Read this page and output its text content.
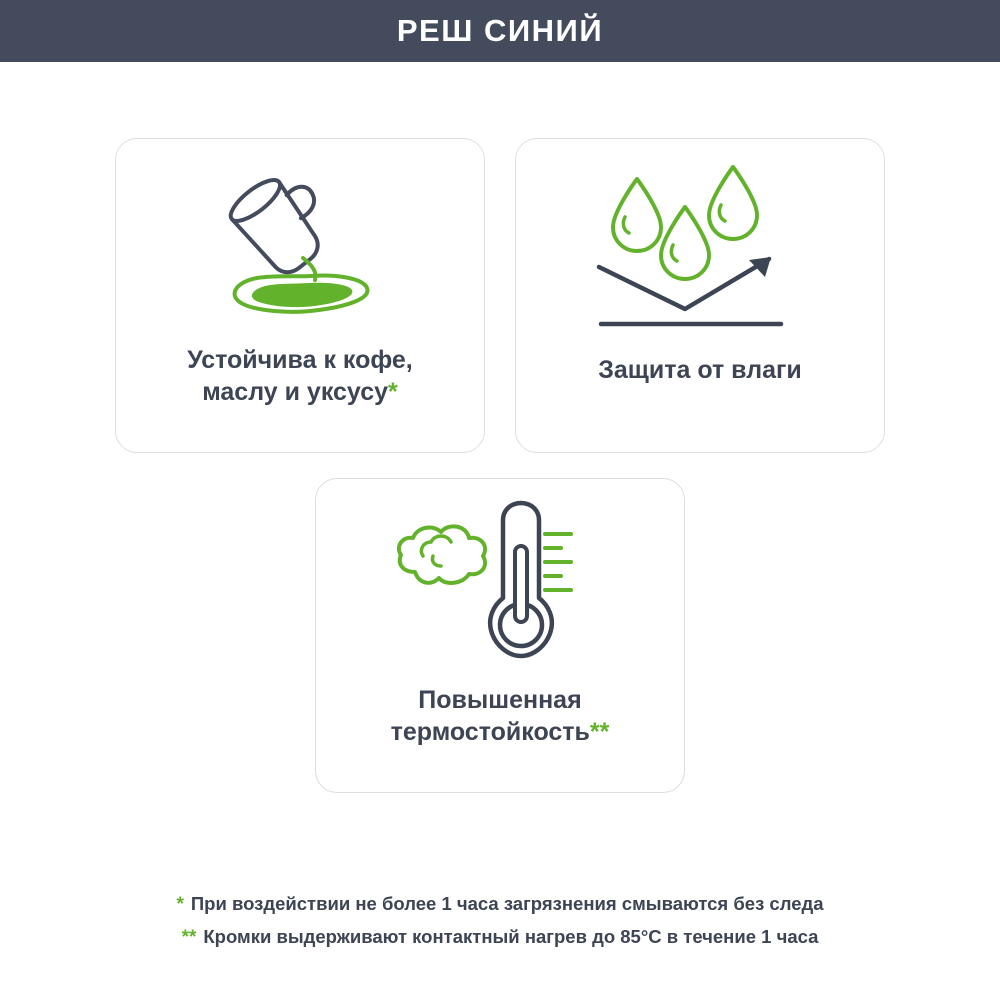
РЕШ СИНИЙ
Устойчива к кофе,
маслу и уксусу*
Защита от влаги
Повышенная
термостойкость**
* При воздействии не более 1 часа загрязнения смываются без следа
** Кромки выдерживают контактный нагрев до 85°C в течение 1 часа
